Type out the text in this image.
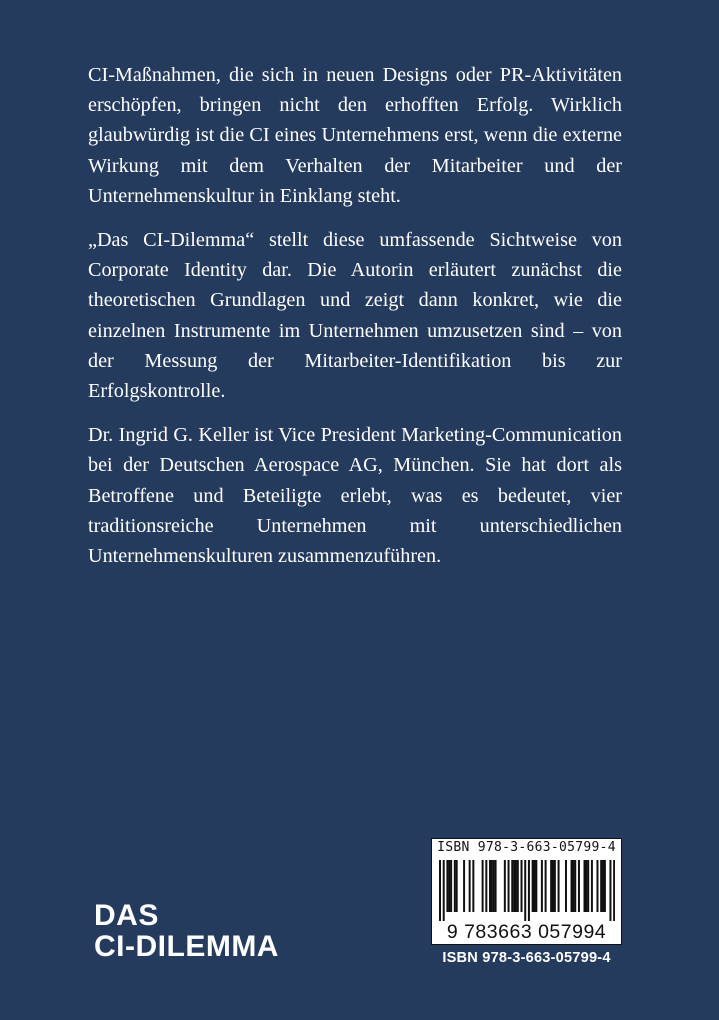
CI-Maßnahmen, die sich in neuen Designs oder PR-Aktivitäten erschöpfen, bringen nicht den erhofften Erfolg. Wirklich glaubwürdig ist die CI eines Unternehmens erst, wenn die externe Wirkung mit dem Verhalten der Mitarbeiter und der Unternehmenskultur in Einklang steht.

„Das CI-Dilemma“ stellt diese umfassende Sichtweise von Corporate Identity dar. Die Autorin erläutert zunächst die theoretischen Grundlagen und zeigt dann konkret, wie die einzelnen Instrumente im Unternehmen umzusetzen sind – von der Messung der Mitarbeiter-Identifikation bis zur Erfolgskontrolle.

Dr. Ingrid G. Keller ist Vice President Marketing-Communication bei der Deutschen Aerospace AG, München. Sie hat dort als Betroffene und Beteiligte erlebt, was es bedeutet, vier traditionsreiche Unternehmen mit unterschiedlichen Unternehmenskulturen zusammenzuführen.

DAS
CI-DILEMMA
ISBN 978-3-663-05799-4
9 783663 057994
ISBN 978-3-663-05799-4
